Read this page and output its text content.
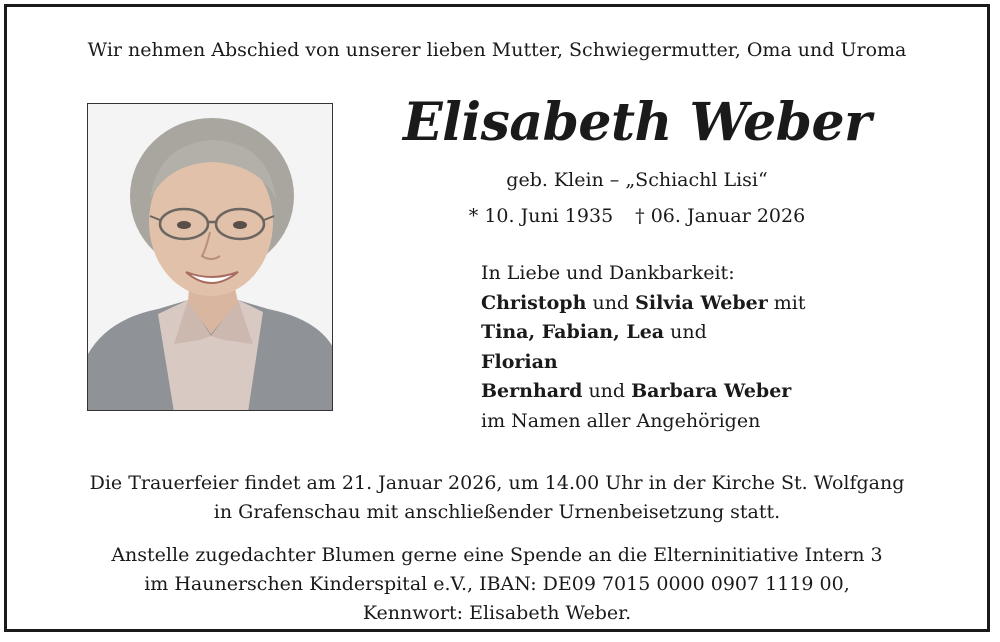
Wir nehmen Abschied von unserer lieben Mutter, Schwiegermutter, Oma und Uroma
Elisabeth Weber
geb. Klein – „Schiachl Lisi“
* 10. Juni 1935 † 06. Januar 2026
In Liebe und Dankbarkeit:
Christoph und Silvia Weber mit
Tina, Fabian, Lea und
Florian
Bernhard und Barbara Weber
im Namen aller Angehörigen
Die Trauerfeier findet am 21. Januar 2026, um 14.00 Uhr in der Kirche St. Wolfgang
in Grafenschau mit anschließender Urnenbeisetzung statt.
Anstelle zugedachter Blumen gerne eine Spende an die Elterninitiative Intern 3
im Haunerschen Kinderspital e.V., IBAN: DE09 7015 0000 0907 1119 00,
Kennwort: Elisabeth Weber.
